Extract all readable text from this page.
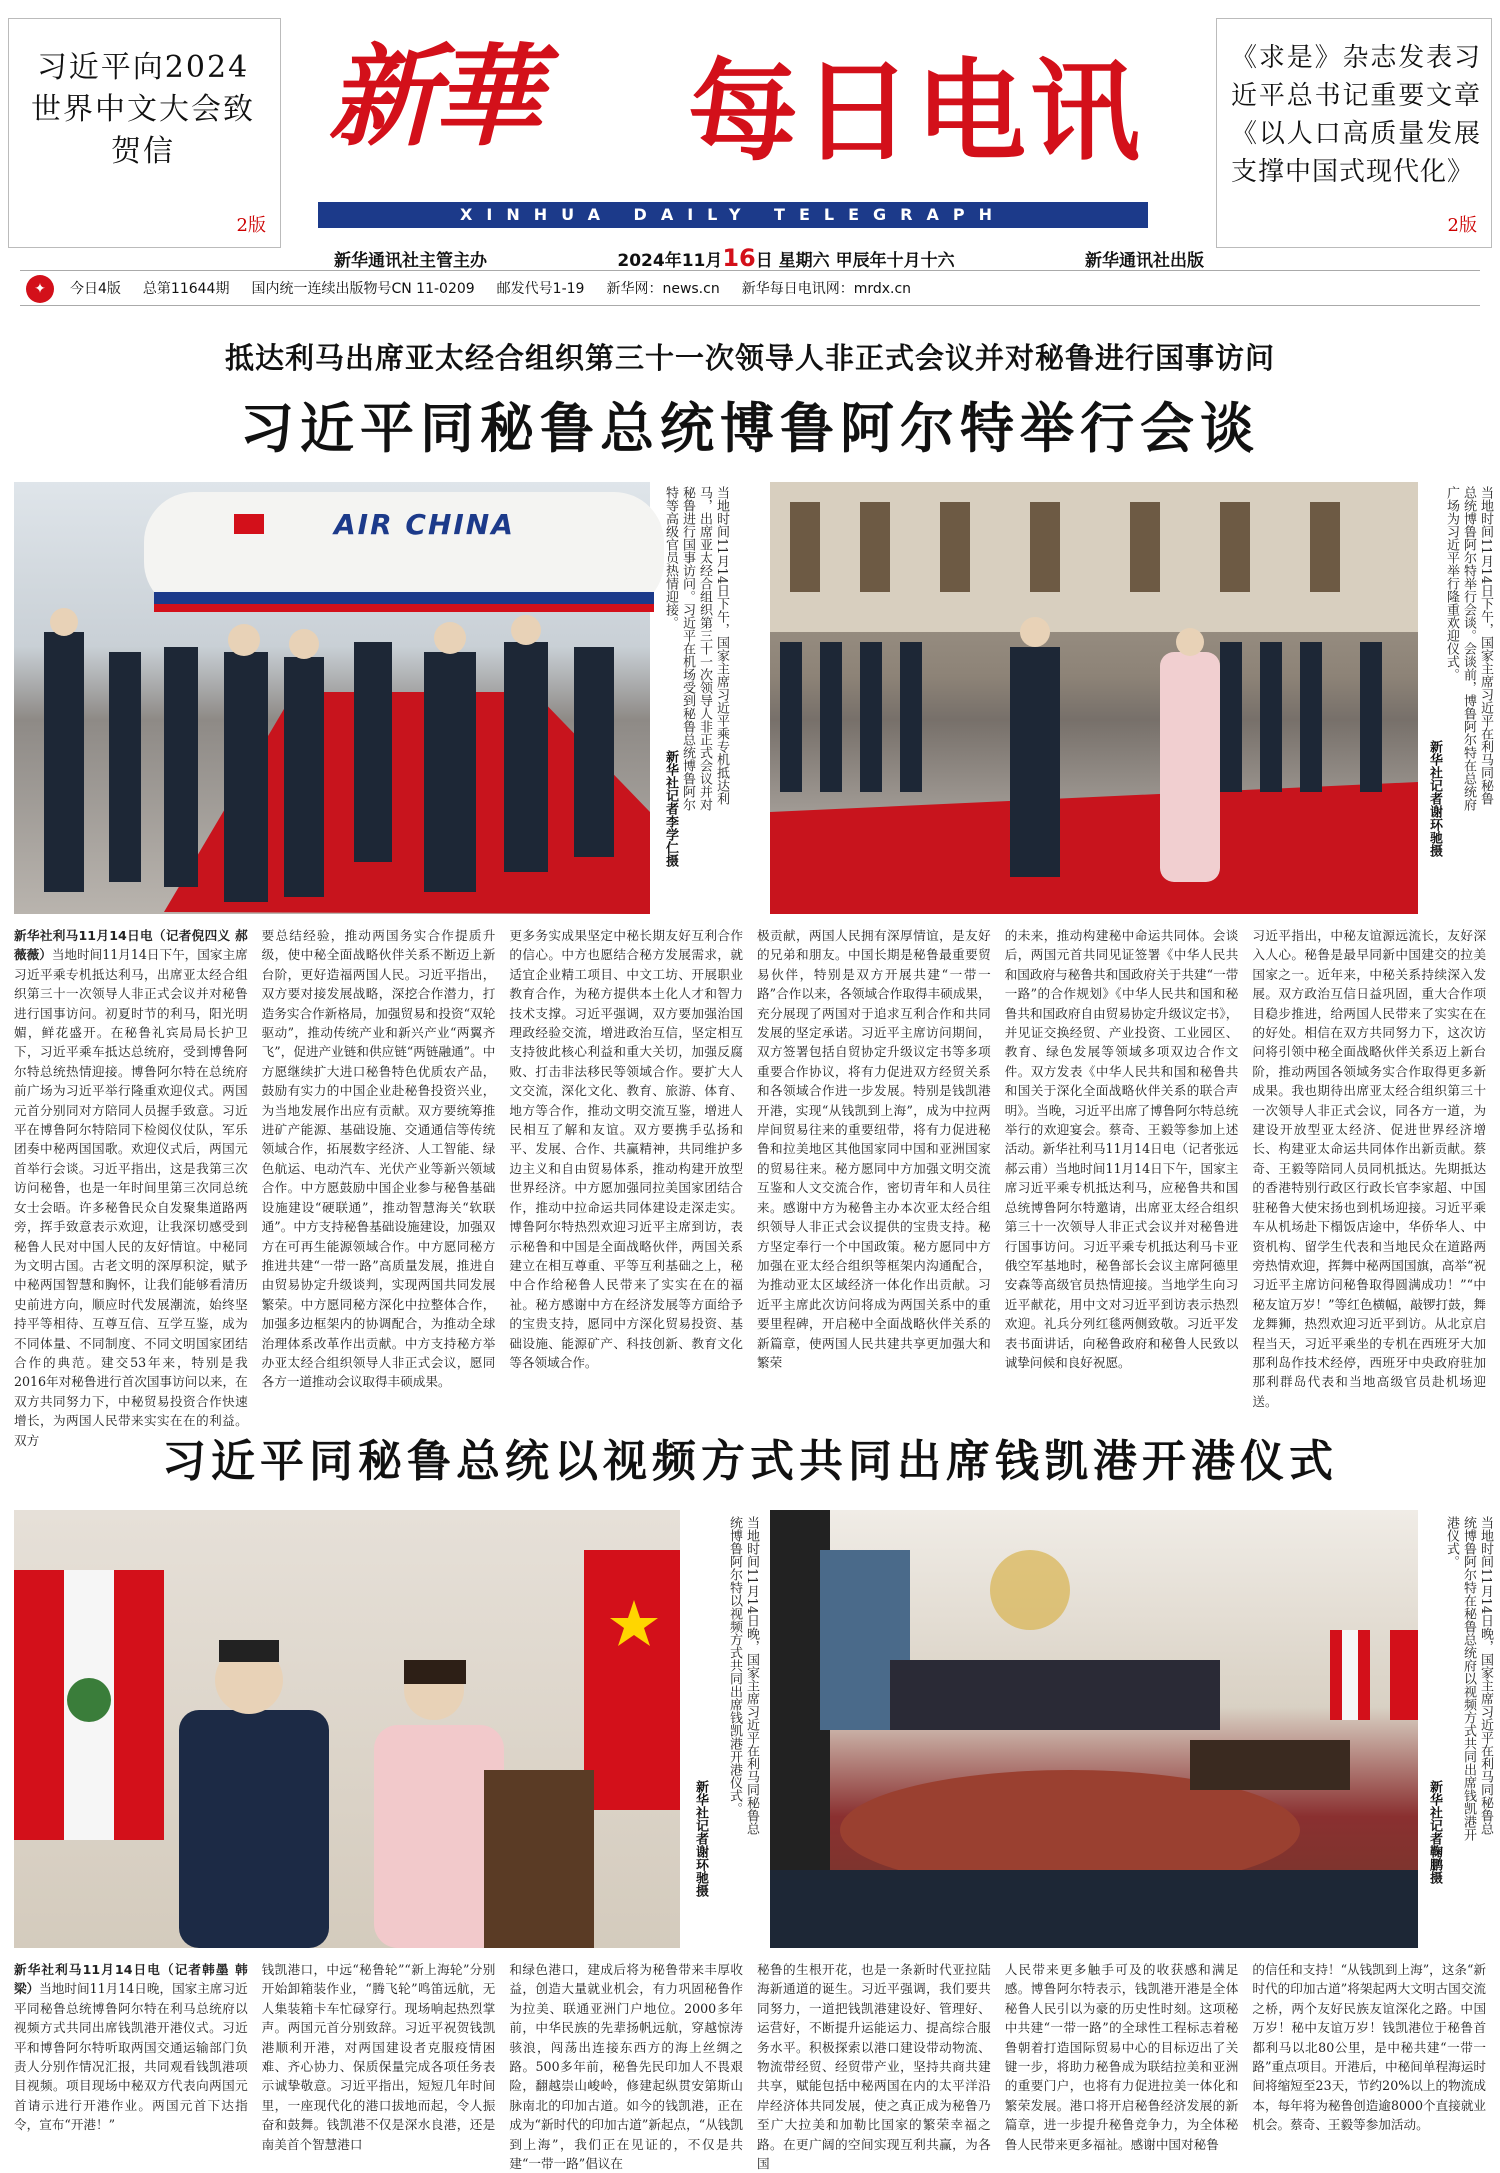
习近平向2024世界中文大会致贺信
2版
新華 每日电讯
XINHUA DAILY TELEGRAPH
《求是》杂志发表习近平总书记重要文章《以人口高质量发展支撑中国式现代化》
2版
新华通讯社主管主办	2024年11月16日 星期六 甲辰年十月十六	新华通讯社出版
✦	今日4版 总第11644期 国内统一连续出版物号CN 11-0209 邮发代号1-19 新华网：news.cn 新华每日电讯网：mrdx.cn
抵达利马出席亚太经合组织第三十一次领导人非正式会议并对秘鲁进行国事访问
习近平同秘鲁总统博鲁阿尔特举行会谈
AIR CHINA	当地时间11月14日下午，国家主席习近平乘专机抵达利马，出席亚太经合组织第三十一次领导人非正式会议并对秘鲁进行国事访问。习近平在机场受到秘鲁总统博鲁阿尔特等高级官员热情迎接。
新华社记者李学仁摄
当地时间11月14日下午，国家主席习近平在利马同秘鲁总统博鲁阿尔特举行会谈。会谈前，博鲁阿尔特在总统府广场为习近平举行隆重欢迎仪式。
新华社记者谢环驰摄
新华社利马11月14日电（记者倪四义 郝薇薇）当地时间11月14日下午，国家主席习近平乘专机抵达利马，出席亚太经合组织第三十一次领导人非正式会议并对秘鲁进行国事访问。初夏时节的利马，阳光明媚，鲜花盛开。在秘鲁礼宾局局长护卫下，习近平乘车抵达总统府，受到博鲁阿尔特总统热情迎接。博鲁阿尔特在总统府前广场为习近平举行隆重欢迎仪式。两国元首分别同对方陪同人员握手致意。习近平在博鲁阿尔特陪同下检阅仪仗队，军乐团奏中秘两国国歌。欢迎仪式后，两国元首举行会谈。习近平指出，这是我第三次访问秘鲁，也是一年时间里第三次同总统女士会晤。许多秘鲁民众自发聚集道路两旁，挥手致意表示欢迎，让我深切感受到秘鲁人民对中国人民的友好情谊。中秘同为文明古国。古老文明的深厚积淀，赋予中秘两国智慧和胸怀，让我们能够看清历史前进方向，顺应时代发展潮流，始终坚持平等相待、互尊互信、互学互鉴，成为不同体量、不同制度、不同文明国家团结合作的典范。建交53年来，特别是我2016年对秘鲁进行首次国事访问以来，在双方共同努力下，中秘贸易投资合作快速增长，为两国人民带来实实在在的利益。双方
要总结经验，推动两国务实合作提质升级，使中秘全面战略伙伴关系不断迈上新台阶，更好造福两国人民。习近平指出，双方要对接发展战略，深挖合作潜力，打造务实合作新格局，加强贸易和投资“双轮驱动”，推动传统产业和新兴产业“两翼齐飞”，促进产业链和供应链“两链融通”。中方愿继续扩大进口秘鲁特色优质农产品，鼓励有实力的中国企业赴秘鲁投资兴业，为当地发展作出应有贡献。双方要统筹推进矿产能源、基础设施、交通通信等传统领域合作，拓展数字经济、人工智能、绿色航运、电动汽车、光伏产业等新兴领域合作。中方愿鼓励中国企业参与秘鲁基础设施建设“硬联通”，推动智慧海关“软联通”。中方支持秘鲁基础设施建设，加强双方在可再生能源领域合作。中方愿同秘方推进共建“一带一路”高质量发展，推进自由贸易协定升级谈判，实现两国共同发展繁荣。中方愿同秘方深化中拉整体合作，加强多边框架内的协调配合，为推动全球治理体系改革作出贡献。中方支持秘方举办亚太经合组织领导人非正式会议，愿同各方一道推动会议取得丰硕成果。
更多务实成果坚定中秘长期友好互利合作的信心。中方也愿结合秘方发展需求，就适宜企业精工项目、中文工坊、开展职业教育合作，为秘方提供本土化人才和智力技术支撑。习近平强调，双方要加强治国理政经验交流，增进政治互信，坚定相互支持彼此核心利益和重大关切，加强反腐败、打击非法移民等领域合作。要扩大人文交流，深化文化、教育、旅游、体育、地方等合作，推动文明交流互鉴，增进人民相互了解和友谊。双方要携手弘扬和平、发展、合作、共赢精神，共同维护多边主义和自由贸易体系，推动构建开放型世界经济。中方愿加强同拉美国家团结合作，推动中拉命运共同体建设走深走实。博鲁阿尔特热烈欢迎习近平主席到访，表示秘鲁和中国是全面战略伙伴，两国关系建立在相互尊重、平等互利基础之上，秘中合作给秘鲁人民带来了实实在在的福祉。秘方感谢中方在经济发展等方面给予的宝贵支持，愿同中方深化贸易投资、基础设施、能源矿产、科技创新、教育文化等各领域合作。
极贡献，两国人民拥有深厚情谊，是友好的兄弟和朋友。中国长期是秘鲁最重要贸易伙伴，特别是双方开展共建“一带一路”合作以来，各领域合作取得丰硕成果，充分展现了两国对于追求互利合作和共同发展的坚定承诺。习近平主席访问期间，双方签署包括自贸协定升级议定书等多项重要合作协议，将有力促进双方经贸关系和各领域合作进一步发展。特别是钱凯港开港，实现“从钱凯到上海”，成为中拉两岸间贸易往来的重要纽带，将有力促进秘鲁和拉美地区其他国家同中国和亚洲国家的贸易往来。秘方愿同中方加强文明交流互鉴和人文交流合作，密切青年和人员往来。感谢中方为秘鲁主办本次亚太经合组织领导人非正式会议提供的宝贵支持。秘方坚定奉行一个中国政策。秘方愿同中方加强在亚太经合组织等框架内沟通配合，为推动亚太区域经济一体化作出贡献。习近平主席此次访问将成为两国关系中的重要里程碑，开启秘中全面战略伙伴关系的新篇章，使两国人民共建共享更加强大和繁荣
的未来，推动构建秘中命运共同体。会谈后，两国元首共同见证签署《中华人民共和国政府与秘鲁共和国政府关于共建“一带一路”的合作规划》《中华人民共和国和秘鲁共和国政府自由贸易协定升级议定书》，并见证交换经贸、产业投资、工业园区、教育、绿色发展等领域多项双边合作文件。双方发表《中华人民共和国和秘鲁共和国关于深化全面战略伙伴关系的联合声明》。当晚，习近平出席了博鲁阿尔特总统举行的欢迎宴会。蔡奇、王毅等参加上述活动。新华社利马11月14日电（记者张远 郝云甫）当地时间11月14日下午，国家主席习近平乘专机抵达利马，应秘鲁共和国总统博鲁阿尔特邀请，出席亚太经合组织第三十一次领导人非正式会议并对秘鲁进行国事访问。习近平乘专机抵达利马卡亚俄空军基地时，秘鲁部长会议主席阿德里安森等高级官员热情迎接。当地学生向习近平献花，用中文对习近平到访表示热烈欢迎。礼兵分列红毯两侧致敬。习近平发表书面讲话，向秘鲁政府和秘鲁人民致以诚挚问候和良好祝愿。
习近平指出，中秘友谊源远流长，友好深入人心。秘鲁是最早同新中国建交的拉美国家之一。近年来，中秘关系持续深入发展。双方政治互信日益巩固，重大合作项目稳步推进，给两国人民带来了实实在在的好处。相信在双方共同努力下，这次访问将引领中秘全面战略伙伴关系迈上新台阶，推动两国各领域务实合作取得更多新成果。我也期待出席亚太经合组织第三十一次领导人非正式会议，同各方一道，为建设开放型亚太经济、促进世界经济增长、构建亚太命运共同体作出新贡献。蔡奇、王毅等陪同人员同机抵达。先期抵达的香港特别行政区行政长官李家超、中国驻秘鲁大使宋扬也到机场迎接。习近平乘车从机场赴下榻饭店途中，华侨华人、中资机构、留学生代表和当地民众在道路两旁热情欢迎，挥舞中秘两国国旗，高举“祝习近平主席访问秘鲁取得圆满成功！”“中秘友谊万岁！”等红色横幅，敲锣打鼓，舞龙舞狮，热烈欢迎习近平到访。从北京启程当天，习近平乘坐的专机在西班牙大加那利岛作技术经停，西班牙中央政府驻加那利群岛代表和当地高级官员赴机场迎送。
习近平同秘鲁总统以视频方式共同出席钱凯港开港仪式
当地时间11月14日晚，国家主席习近平在利马同秘鲁总统博鲁阿尔特以视频方式共同出席钱凯港开港仪式。
新华社记者谢环驰摄
当地时间11月14日晚，国家主席习近平在利马同秘鲁总统博鲁阿尔特在秘鲁总统府以视频方式共同出席钱凯港开港仪式。
新华社记者鞠鹏摄
新华社利马11月14日电（记者韩墨 韩梁）当地时间11月14日晚，国家主席习近平同秘鲁总统博鲁阿尔特在利马总统府以视频方式共同出席钱凯港开港仪式。习近平和博鲁阿尔特听取两国交通运输部门负责人分别作情况汇报，共同观看钱凯港项目视频。项目现场中秘双方代表向两国元首请示进行开港作业。两国元首下达指令，宣布“开港！”
钱凯港口，中远“秘鲁轮”“新上海轮”分别开始卸箱装作业，“腾飞轮”鸣笛远航，无人集装箱卡车忙碌穿行。现场响起热烈掌声。两国元首分别致辞。习近平祝贺钱凯港顺利开港，对两国建设者克服疫情困难、齐心协力、保质保量完成各项任务表示诚挚敬意。习近平指出，短短几年时间里，一座现代化的港口拔地而起，令人振奋和鼓舞。钱凯港不仅是深水良港，还是南美首个智慧港口
和绿色港口，建成后将为秘鲁带来丰厚收益，创造大量就业机会，有力巩固秘鲁作为拉美、联通亚洲门户地位。2000多年前，中华民族的先辈扬帆远航，穿越惊涛骇浪，闯荡出连接东西方的海上丝绸之路。500多年前，秘鲁先民印加人不畏艰险，翻越崇山峻岭，修建起纵贯安第斯山脉南北的印加古道。如今的钱凯港，正在成为“新时代的印加古道”新起点，“从钱凯到上海”，我们正在见证的，不仅是共建“一带一路”倡议在
秘鲁的生根开花，也是一条新时代亚拉陆海新通道的诞生。习近平强调，我们要共同努力，一道把钱凯港建设好、管理好、运营好，不断提升运能运力、提高综合服务水平。积极探索以港口建设带动物流、物流带经贸、经贸带产业，坚持共商共建共享，赋能包括中秘两国在内的太平洋沿岸经济体共同发展，使之真正成为秘鲁乃至广大拉美和加勒比国家的繁荣幸福之路。在更广阔的空间实现互利共赢，为各国
人民带来更多触手可及的收获感和满足感。博鲁阿尔特表示，钱凯港开港是全体秘鲁人民引以为豪的历史性时刻。这项秘中共建“一带一路”的全球性工程标志着秘鲁朝着打造国际贸易中心的目标迈出了关键一步，将助力秘鲁成为联结拉美和亚洲的重要门户，也将有力促进拉美一体化和繁荣发展。港口将开启秘鲁经济发展的新篇章，进一步提升秘鲁竞争力，为全体秘鲁人民带来更多福祉。感谢中国对秘鲁
的信任和支持！“从钱凯到上海”，这条“新时代的印加古道”将架起两大文明古国交流之桥，两个友好民族友谊深化之路。中国万岁！秘中友谊万岁！钱凯港位于秘鲁首都利马以北80公里，是中秘共建“一带一路”重点项目。开港后，中秘间单程海运时间将缩短至23天，节约20%以上的物流成本，每年将为秘鲁创造逾8000个直接就业机会。蔡奇、王毅等参加活动。
